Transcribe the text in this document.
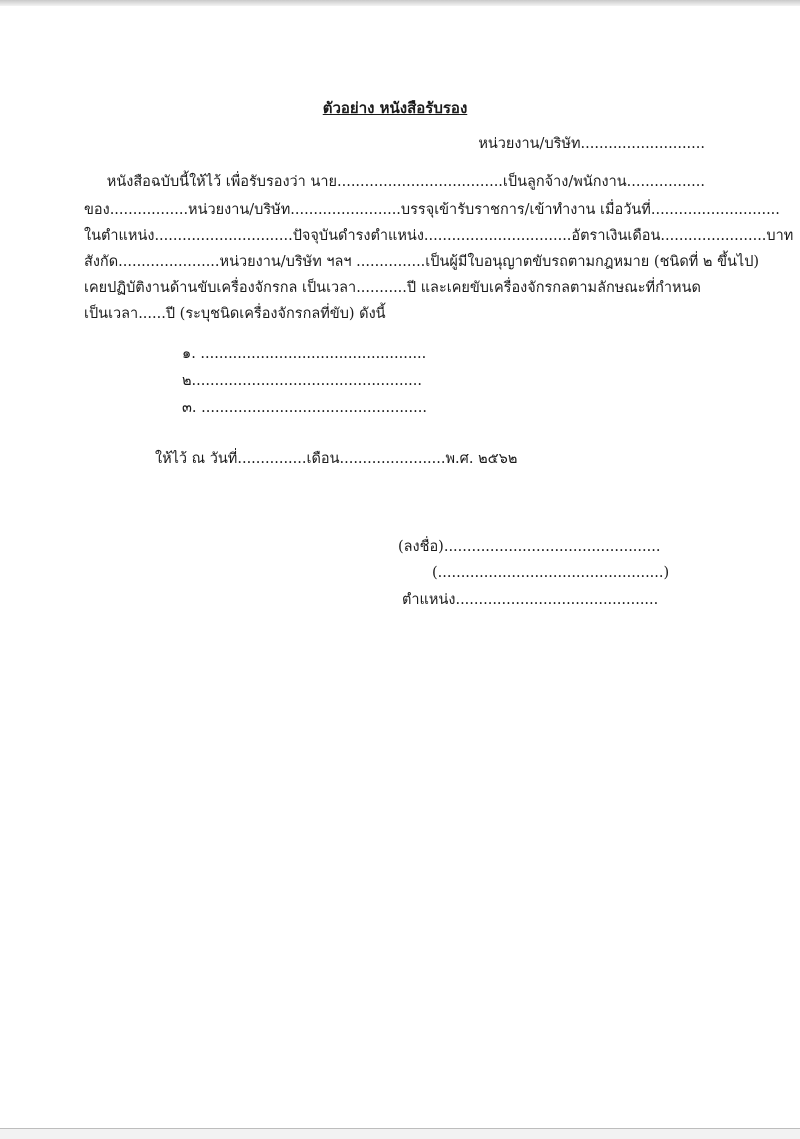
ตัวอย่าง หนังสือรับรอง
หน่วยงาน/บริษัท...........................
หนังสือฉบับนี้ให้ไว้ เพื่อรับรองว่า นาย....................................เป็นลูกจ้าง/พนักงาน.................
ของ.................หน่วยงาน/บริษัท ........................บรรจุเข้ารับราชการ/เข้าทำงาน เมื่อวันที่............................
ในตำแหน่ง..............................ปัจจุบันดำรงตำแหน่ง................................อัตราเงินเดือน....................... บาท
สังกัด......................หน่วยงาน/บริษัท ฯลฯ ...............เป็นผู้มีใบอนุญาตขับรถตามกฎหมาย (ชนิดที่ ๒ ขึ้นไป)
เคยปฏิบัติงานด้านขับเครื่องจักรกล เป็นเวลา...........ปี และเคยขับเครื่องจักรกลตามลักษณะที่กำหนด
เป็นเวลา......ปี (ระบุชนิดเครื่องจักรกลที่ขับ) ดังนี้
๑. .................................................
๒..................................................
๓. .................................................
ให้ไว้ ณ วันที่...............เดือน.......................พ.ศ. ๒๕๖๒
(ลงชื่อ)...............................................
(.................................................)
ตำแหน่ง............................................
